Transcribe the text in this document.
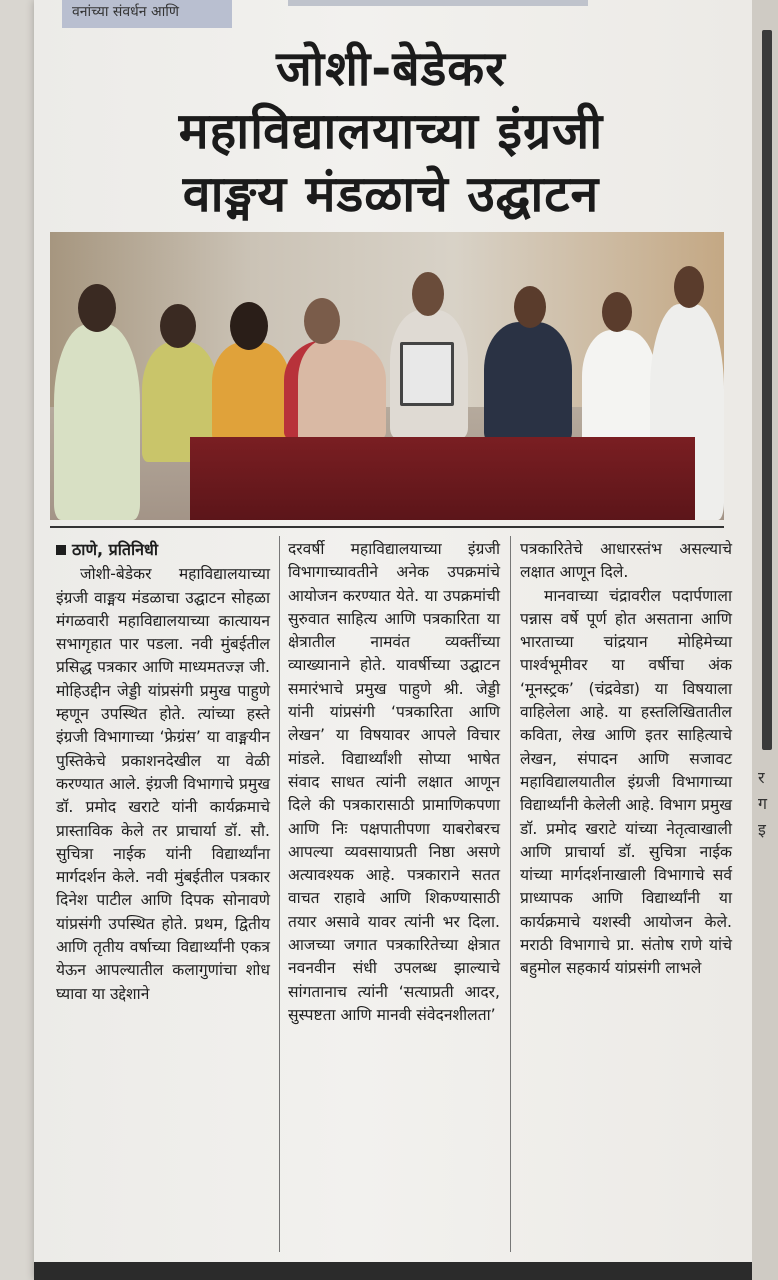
र ग इ
वनांच्या संवर्धन आणि
जोशी-बेडेकर
महाविद्यालयाच्या इंग्रजी
वाङ्मय मंडळाचे उद्घाटन
ठाणे, प्रतिनिधी

जोशी-बेडेकर महाविद्यालयाच्या इंग्रजी वाङ्मय मंडळाचा उद्घाटन सोहळा मंगळवारी महाविद्यालयाच्या कात्यायन सभागृहात पार पडला. नवी मुंबईतील प्रसिद्ध पत्रकार आणि माध्यमतज्ज्ञ जी. मोहिउद्दीन जेड्डी यांप्रसंगी प्रमुख पाहुणे म्हणून उपस्थित होते. त्यांच्या हस्ते इंग्रजी विभागाच्या ‘फ्रेग्रंस’ या वाङ्मयीन पुस्तिकेचे प्रकाशनदेखील या वेळी करण्यात आले. इंग्रजी विभागाचे प्रमुख डॉ. प्रमोद खराटे यांनी कार्यक्रमाचे प्रास्ताविक केले तर प्राचार्या डॉ. सौ. सुचित्रा नाईक यांनी विद्यार्थ्यांना मार्गदर्शन केले. नवी मुंबईतील पत्रकार दिनेश पाटील आणि दिपक सोनावणे यांप्रसंगी उपस्थित होते. प्रथम, द्वितीय आणि तृतीय वर्षाच्या विद्यार्थ्यांनी एकत्र येऊन आपल्यातील कलागुणांचा शोध घ्यावा या उद्देशाने

दरवर्षी महाविद्यालयाच्या इंग्रजी विभागाच्यावतीने अनेक उपक्रमांचे आयोजन करण्यात येते. या उपक्रमांची सुरुवात साहित्य आणि पत्रकारिता या क्षेत्रातील नामवंत व्यक्तींच्या व्याख्यानाने होते. यावर्षीच्या उद्घाटन समारंभाचे प्रमुख पाहुणे श्री. जेड्डी यांनी यांप्रसंगी ‘पत्रकारिता आणि लेखन’ या विषयावर आपले विचार मांडले. विद्यार्थ्यांशी सोप्या भाषेत संवाद साधत त्यांनी लक्षात आणून दिले की पत्रकारासाठी प्रामाणिकपणा आणि निः पक्षपातीपणा याबरोबरच आपल्या व्यवसायाप्रती निष्ठा असणे अत्यावश्यक आहे. पत्रकाराने सतत वाचत राहावे आणि शिकण्यासाठी तयार असावे यावर त्यांनी भर दिला. आजच्या जगात पत्रकारितेच्या क्षेत्रात नवनवीन संधी उपलब्ध झाल्याचे सांगतानाच त्यांनी ‘सत्याप्रती आदर, सुस्पष्टता आणि मानवी संवेदनशीलता’

पत्रकारितेचे आधारस्तंभ असल्याचे लक्षात आणून दिले.

मानवाच्या चंद्रावरील पदार्पणाला पन्नास वर्षे पूर्ण होत असताना आणि भारताच्या चांद्रयान मोहिमेच्या पार्श्वभूमीवर या वर्षीचा अंक ‘मूनस्ट्रक’ (चंद्रवेडा) या विषयाला वाहिलेला आहे. या हस्तलिखितातील कविता, लेख आणि इतर साहित्याचे लेखन, संपादन आणि सजावट महाविद्यालयातील इंग्रजी विभागाच्या विद्यार्थ्यांनी केलेली आहे. विभाग प्रमुख डॉ. प्रमोद खराटे यांच्या नेतृत्वाखाली आणि प्राचार्या डॉ. सुचित्रा नाईक यांच्या मार्गदर्शनाखाली विभागाचे सर्व प्राध्यापक आणि विद्यार्थ्यांनी या कार्यक्रमाचे यशस्वी आयोजन केले. मराठी विभागाचे प्रा. संतोष राणे यांचे बहुमोल सहकार्य यांप्रसंगी लाभले
